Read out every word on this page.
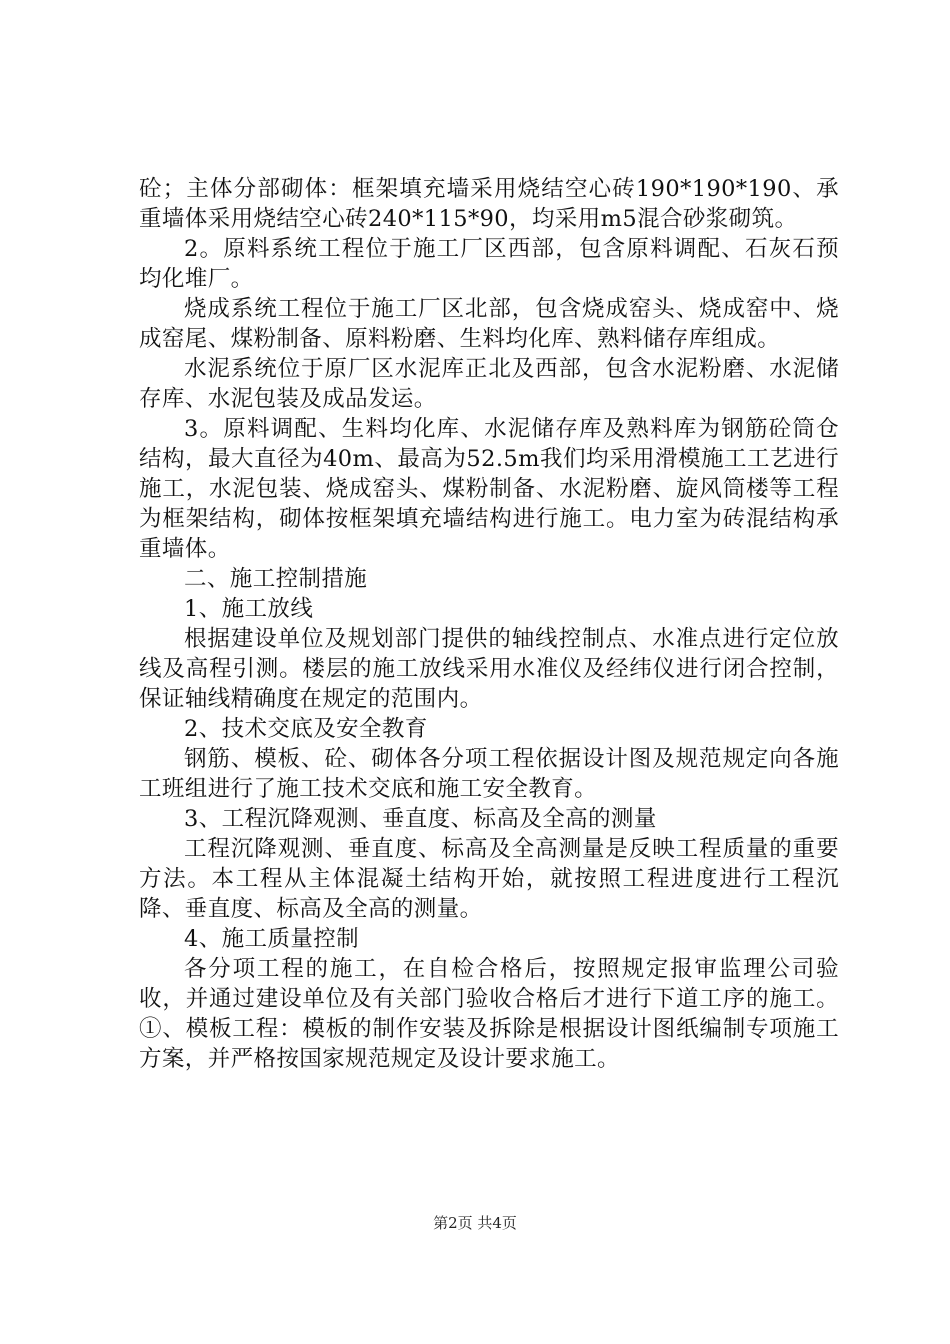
砼；主体分部砌体：框架填充墙采用烧结空心砖190*190*190、承重墙体采用烧结空心砖240*115*90，均采用m5混合砂浆砌筑。

2。原料系统工程位于施工厂区西部，包含原料调配、石灰石预均化堆厂。

烧成系统工程位于施工厂区北部，包含烧成窑头、烧成窑中、烧成窑尾、煤粉制备、原料粉磨、生料均化库、熟料储存库组成。

水泥系统位于原厂区水泥库正北及西部，包含水泥粉磨、水泥储存库、水泥包装及成品发运。

3。原料调配、生料均化库、水泥储存库及熟料库为钢筋砼筒仓结构，最大直径为40m、最高为52.5m我们均采用滑模施工工艺进行施工，水泥包装、烧成窑头、煤粉制备、水泥粉磨、旋风筒楼等工程为框架结构，砌体按框架填充墙结构进行施工。电力室为砖混结构承重墙体。

二、施工控制措施

1、施工放线

根据建设单位及规划部门提供的轴线控制点、水准点进行定位放线及高程引测。楼层的施工放线采用水准仪及经纬仪进行闭合控制，保证轴线精确度在规定的范围内。

2、技术交底及安全教育

钢筋、模板、砼、砌体各分项工程依据设计图及规范规定向各施工班组进行了施工技术交底和施工安全教育。

3、工程沉降观测、垂直度、标高及全高的测量

工程沉降观测、垂直度、标高及全高测量是反映工程质量的重要方法。本工程从主体混凝土结构开始，就按照工程进度进行工程沉降、垂直度、标高及全高的测量。

4、施工质量控制

各分项工程的施工，在自检合格后，按照规定报审监理公司验收，并通过建设单位及有关部门验收合格后才进行下道工序的施工。①、模板工程：模板的制作安装及拆除是根据设计图纸编制专项施工方案，并严格按国家规范规定及设计要求施工。

第2页 共4页
